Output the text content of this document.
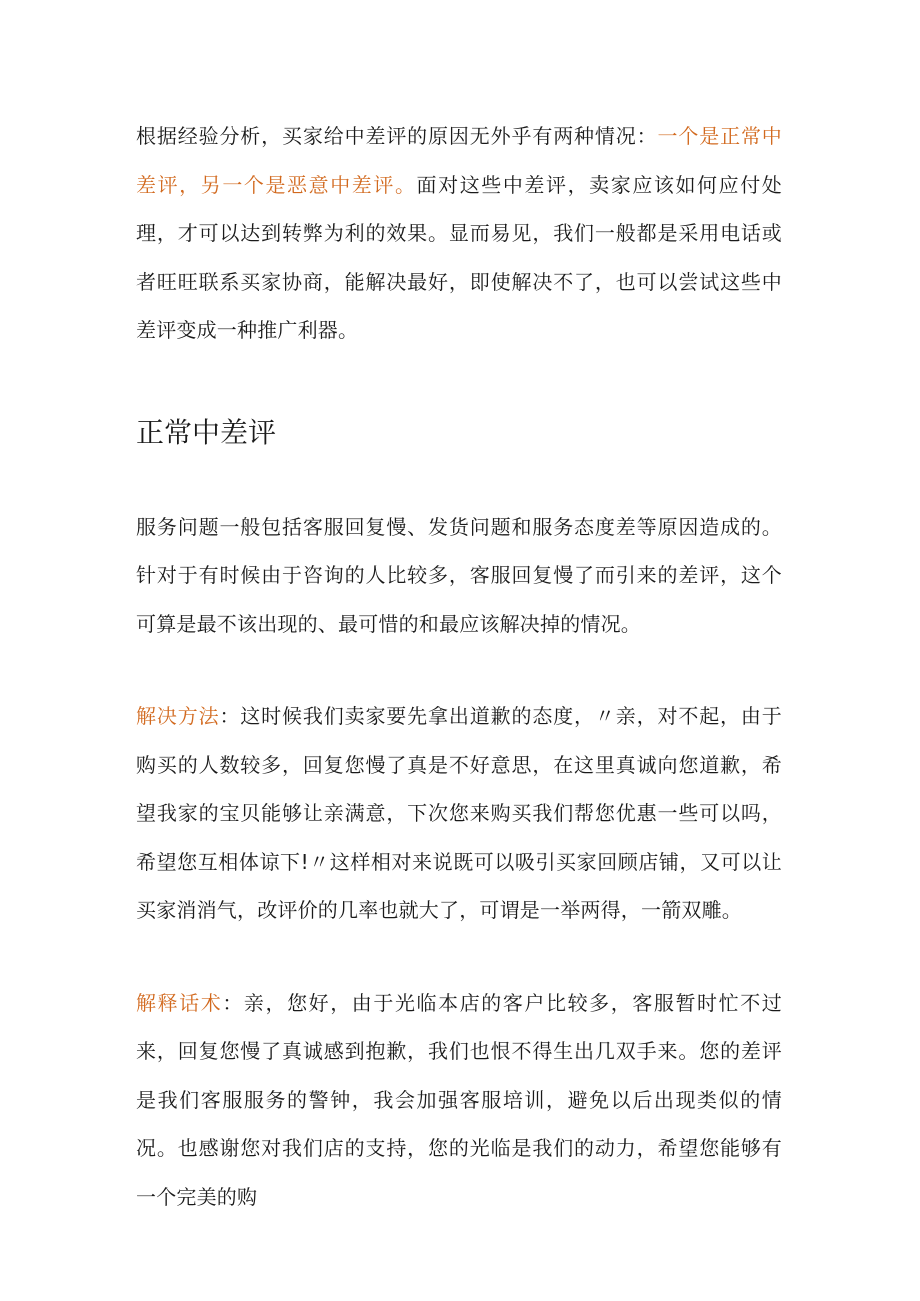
根据经验分析，买家给中差评的原因无外乎有两种情况：一个是正常中差评，另一个是恶意中差评。面对这些中差评，卖家应该如何应付处理，才可以达到转弊为利的效果。显而易见，我们一般都是采用电话或者旺旺联系买家协商，能解决最好，即使解决不了，也可以尝试这些中差评变成一种推广利器。

正常中差评

服务问题一般包括客服回复慢、发货问题和服务态度差等原因造成的。针对于有时候由于咨询的人比较多，客服回复慢了而引来的差评，这个可算是最不该出现的、最可惜的和最应该解决掉的情况。

解决方法：这时候我们卖家要先拿出道歉的态度，〃亲，对不起，由于购买的人数较多，回复您慢了真是不好意思，在这里真诚向您道歉，希望我家的宝贝能够让亲满意，下次您来购买我们帮您优惠一些可以吗，希望您互相体谅下!〃这样相对来说既可以吸引买家回顾店铺，又可以让买家消消气，改评价的几率也就大了，可谓是一举两得，一箭双雕。

解释话术：亲，您好，由于光临本店的客户比较多，客服暂时忙不过来，回复您慢了真诚感到抱歉，我们也恨不得生出几双手来。您的差评是我们客服服务的警钟，我会加强客服培训，避免以后出现类似的情况。也感谢您对我们店的支持，您的光临是我们的动力，希望您能够有一个完美的购
